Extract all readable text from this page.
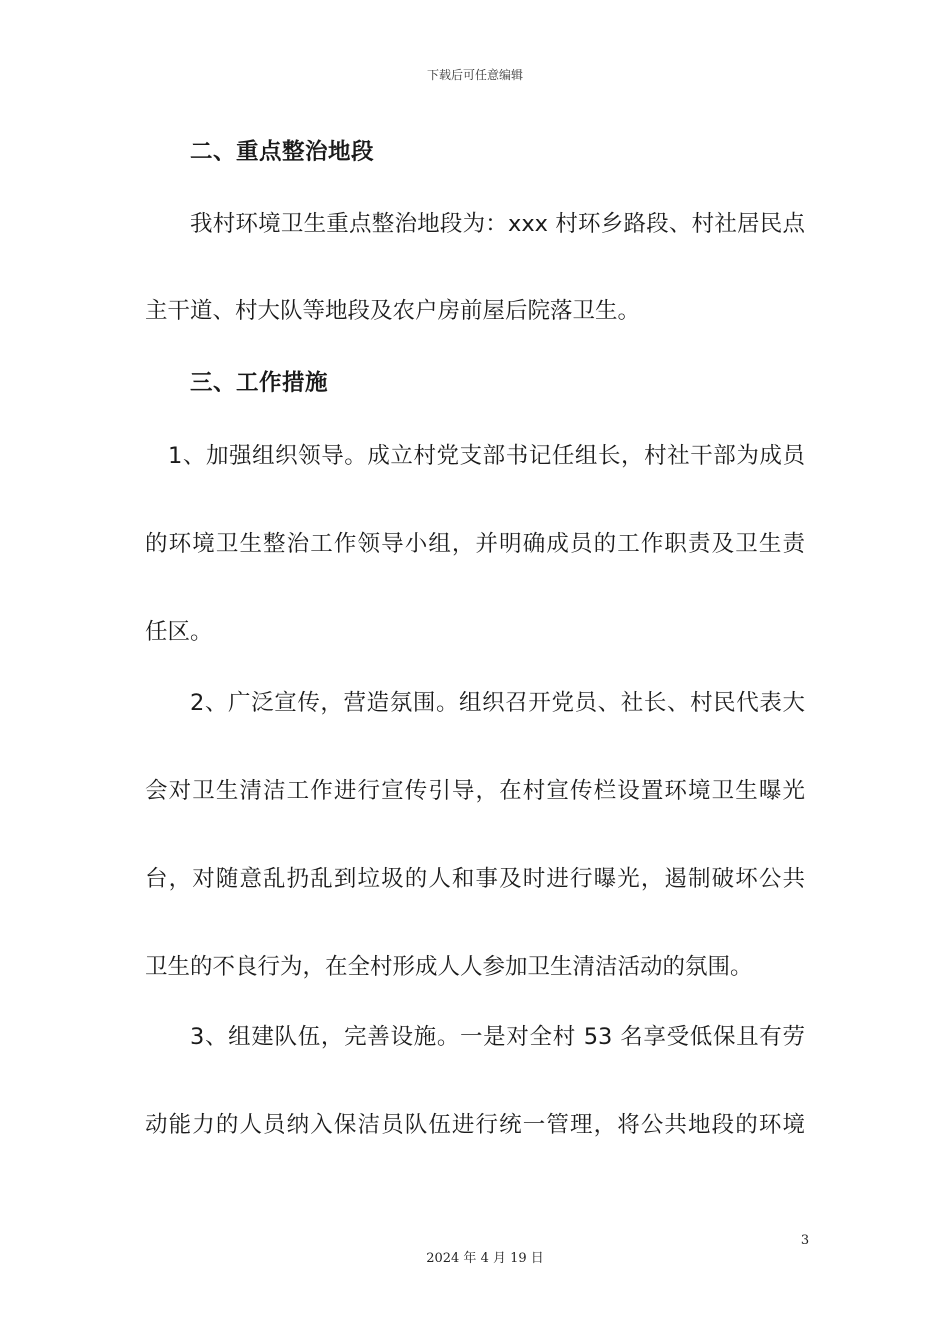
下载后可任意编辑
二、重点整治地段
我村环境卫生重点整治地段为：xxx 村环乡路段、村社居民点
主干道、村大队等地段及农户房前屋后院落卫生。
三、工作措施
1、加强组织领导。成立村党支部书记任组长，村社干部为成员
的环境卫生整治工作领导小组，并明确成员的工作职责及卫生责
任区。
2、广泛宣传，营造氛围。组织召开党员、社长、村民代表大
会对卫生清洁工作进行宣传引导，在村宣传栏设置环境卫生曝光
台，对随意乱扔乱到垃圾的人和事及时进行曝光，遏制破坏公共
卫生的不良行为，在全村形成人人参加卫生清洁活动的氛围。
3、组建队伍，完善设施。一是对全村 53 名享受低保且有劳
动能力的人员纳入保洁员队伍进行统一管理，将公共地段的环境
3
2024 年 4 月 19 日
